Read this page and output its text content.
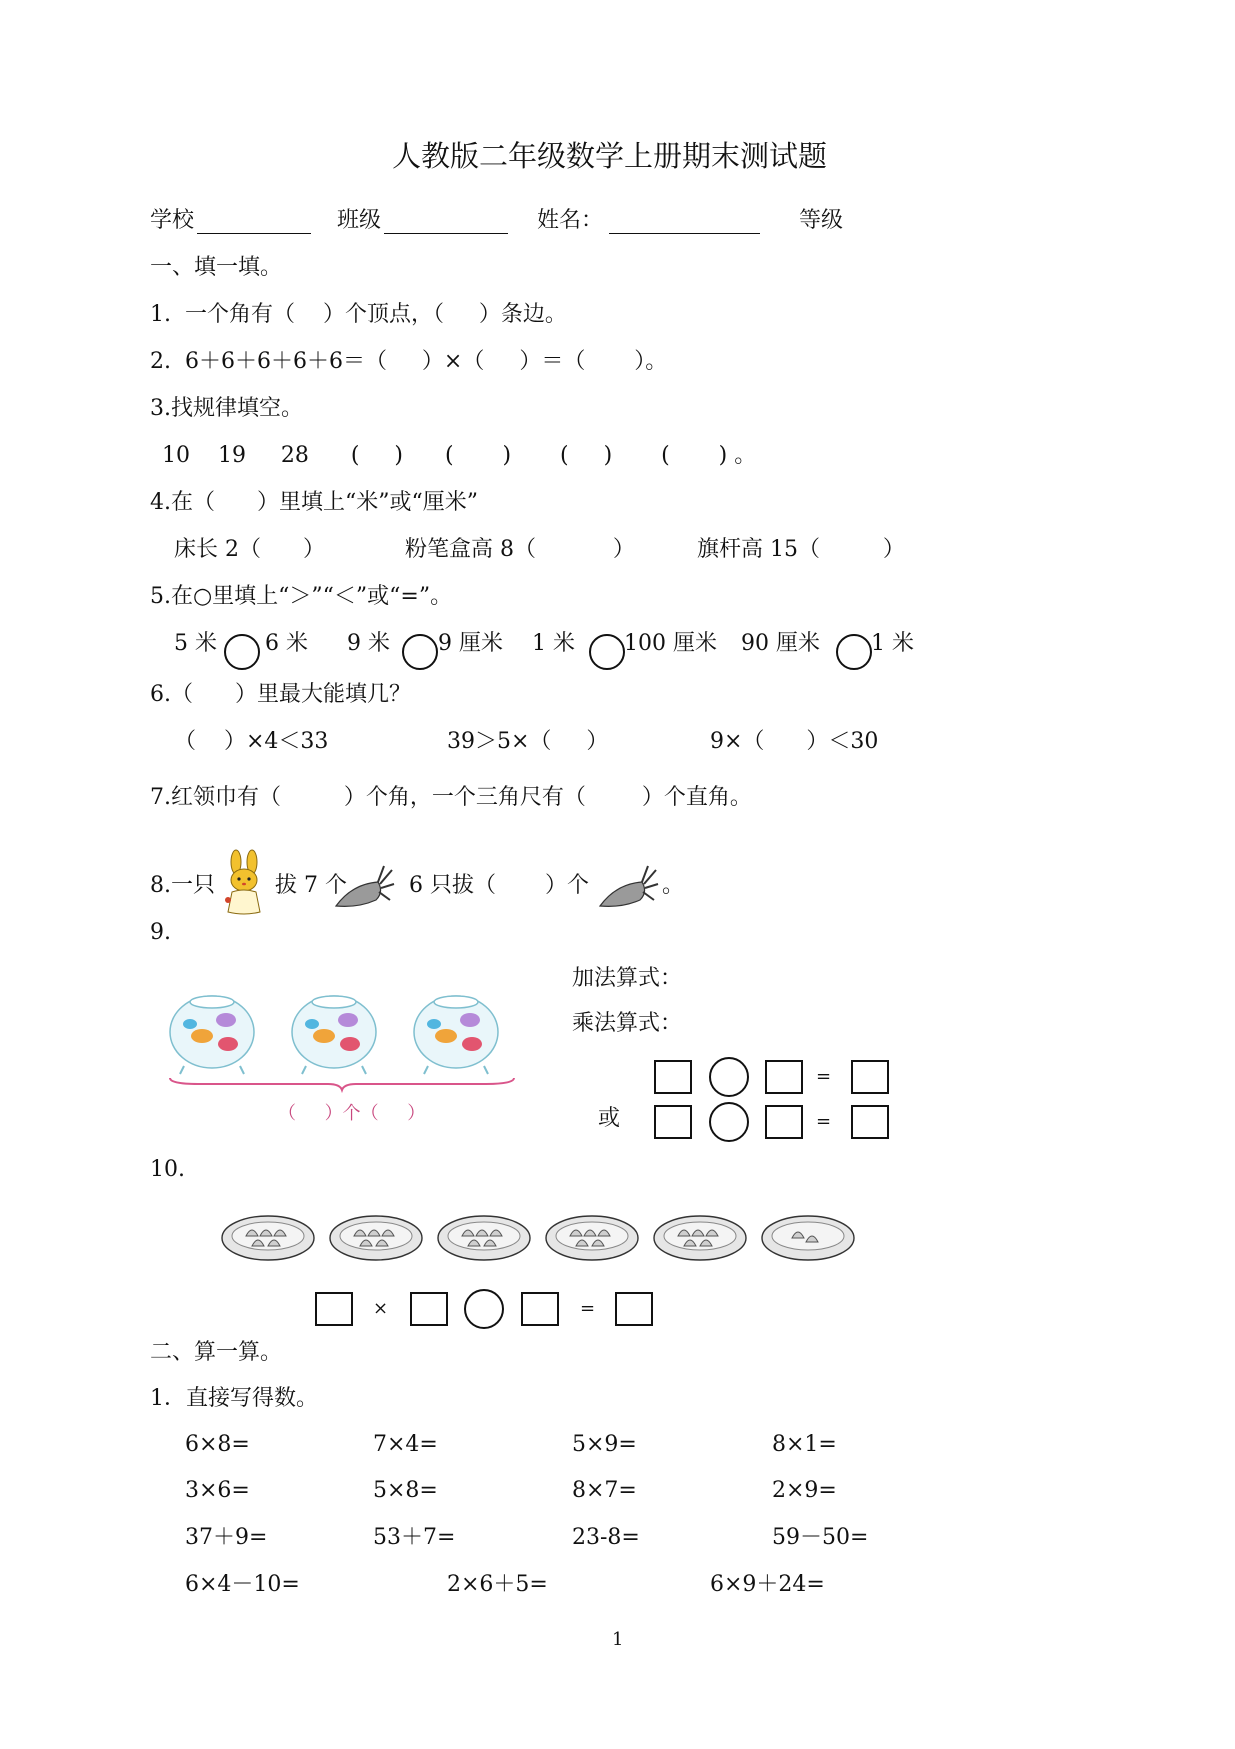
人教版二年级数学上册期末测试题
学校	班级	姓名：	等级
一、填一填。
1.  一个角有（    ）个顶点，（     ）条边。
2.  6＋6＋6＋6＋6＝（     ）×（     ）＝（       ）。
3.找规律填空。
10    19     28      (     )      (       )       (     )       (       ) 。
4.在（      ）里填上“米”或“厘米”
床长 2（      ）	粉笔盒高 8（           ）	旗杆高 15（         ）
5.在○里填上“＞”“＜”或“=”。
5 米 6 米 9 米 9 厘米 1 米 100 厘米 90 厘米 1 米
6.（      ）里最大能填几？
（    ）×4＜33	39＞5×（     ）	9×（      ）＜30
7.红领巾有（         ）个角，一个三角尺有（        ）个直角。
8.一只	拔 7 个	6 只拔（       ）个	。
9.
加法算式：
乘法算式：
（     ）个（     ）
=
或	=
10.
×	=
二、算一算。
1．直接写得数。
6×8=	7×4=	5×9=	8×1=
3×6=	5×8=	8×7=	2×9=
37＋9=	53＋7=	23-8=	59－50=
6×4－10=	2×6＋5=	6×9＋24=
1
